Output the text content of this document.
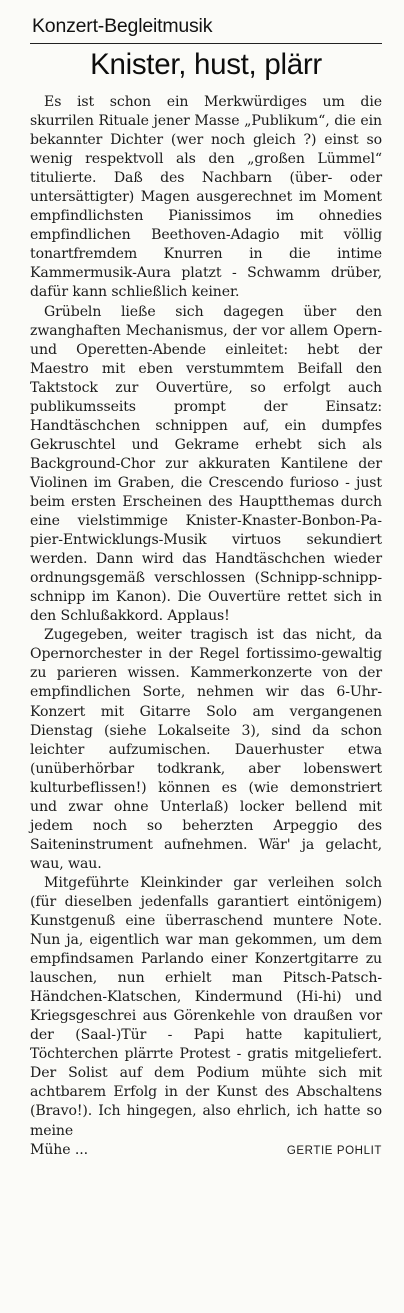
Konzert-Begleitmusik
Knister, hust, plärr

Es ist schon ein Merkwürdiges um die skurrilen Rituale jener Masse „Publikum“, die ein bekannter Dichter (wer noch gleich ?) einst so wenig respektvoll als den „großen Lümmel“ titulierte. Daß des Nachbarn (über- oder untersättigter) Magen ausgerechnet im Moment empfindlichsten Pianissimos im ohnedies empfindlichen Beethoven-Adagio mit völlig tonartfremdem Knurren in die intime Kammermusik-Aura platzt - Schwamm drüber, dafür kann schließlich keiner.

Grübeln ließe sich dagegen über den zwanghaften Mechanismus, der vor allem Opern- und Operetten-Abende einleitet: hebt der Maestro mit eben verstummtem Beifall den Taktstock zur Ouvertüre, so erfolgt auch publikumsseits prompt der Einsatz: Handtäschchen schnippen auf, ein dumpfes Gekruschtel und Gekrame erhebt sich als Background-Chor zur akkuraten Kantilene der Violinen im Graben, die Crescendo furioso - just beim ersten Erscheinen des Hauptthemas durch eine vielstimmige Knister-Knaster-Bonbon-Papier-Entwicklungs-Musik virtuos sekundiert werden. Dann wird das Handtäschchen wieder ordnungsgemäß verschlossen (Schnipp-schnipp-schnipp im Kanon). Die Ouvertüre rettet sich in den Schlußakkord. Applaus!

Zugegeben, weiter tragisch ist das nicht, da Opernorchester in der Regel fortissimo-gewaltig zu parieren wissen. Kammerkonzerte von der empfindlichen Sorte, nehmen wir das 6-Uhr-Konzert mit Gitarre Solo am vergangenen Dienstag (siehe Lokalseite 3), sind da schon leichter aufzumischen. Dauerhuster etwa (unüberhörbar todkrank, aber lobenswert kulturbeflissen!) können es (wie demonstriert und zwar ohne Unterlaß) locker bellend mit jedem noch so beherzten Arpeggio des Saiteninstrument aufnehmen. Wär' ja gelacht, wau, wau.

Mitgeführte Kleinkinder gar verleihen solch (für dieselben jedenfalls garantiert eintönigem) Kunstgenuß eine überraschend muntere Note. Nun ja, eigentlich war man gekommen, um dem empfindsamen Parlando einer Konzertgitarre zu lauschen, nun erhielt man Pitsch-Patsch-Händchen-Klatschen, Kindermund (Hi-hi) und Kriegsgeschrei aus Görenkehle von draußen vor der (Saal-)Tür - Papi hatte kapituliert, Töchterchen plärrte Protest - gratis mitgeliefert. Der Solist auf dem Podium mühte sich mit achtbarem Erfolg in der Kunst des Abschaltens (Bravo!). Ich hingegen, also ehrlich, ich hatte so meine

Mühe ...	GERTIE POHLIT
